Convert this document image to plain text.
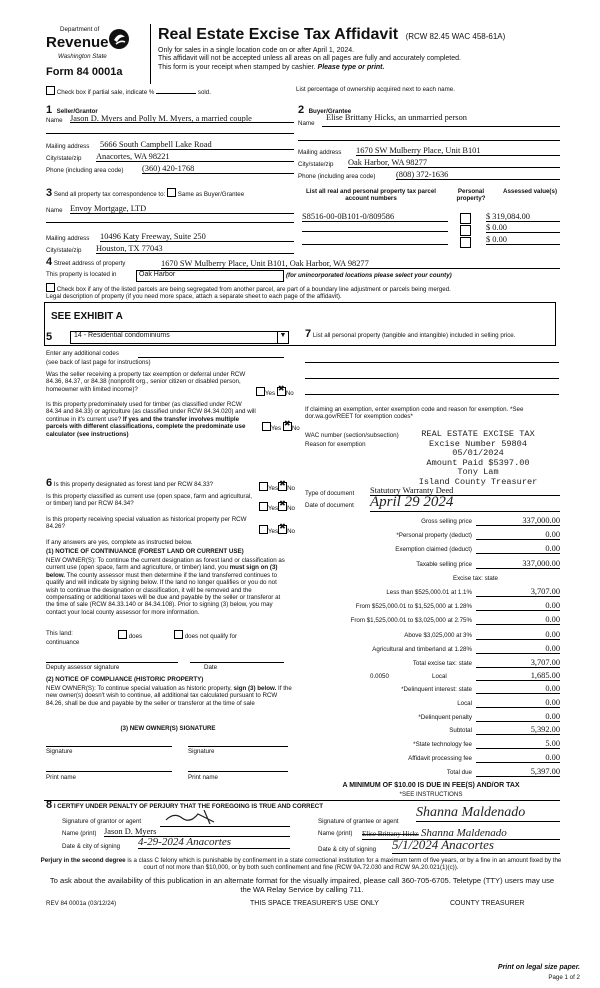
Department of
Revenue
Washington State
Form 84 0001a
Real Estate Excise Tax Affidavit (RCW 82.45 WAC 458-61A)
Only for sales in a single location code on or after April 1, 2024.
This affidavit will not be accepted unless all areas on all pages are fully and accurately completed.
This form is your receipt when stamped by cashier. Please type or print.
Check box if partial sale, indicate %	sold.	List percentage of ownership acquired next to each name.
1 Seller/Grantor
Name Jason D. Myers and Polly M. Myers, a married couple
Mailing address 5666 South Campbell Lake Road
City/state/zip Anacortes, WA 98221
Phone (including area code) (360) 420-1768
2 Buyer/Grantee
Name
Elise Brittany Hicks, an unmarried person
Mailing address 1670 SW Mulberry Place, Unit B101
City/state/zip Oak Harbor, WA 98277
Phone (including area code) (808) 372-1636
3 Send all property tax correspondence to: Same as Buyer/Grantee
Name Envoy Mortgage, LTD
Mailing address 10496 Katy Freeway, Suite 250
City/state/zip Houston, TX 77043
List all real and personal property tax parcel account numbers
Personal property?
Assessed value(s)
S8516-00-0B101-0/809586	$ 319,084.00
$ 0.00
$ 0.00
4 Street address of property	1670 SW Mulberry Place, Unit B101, Oak Harbor, WA 98277
This property is located in	Oak Harbor	(for unincorporated locations please select your county)
Check box if any of the listed parcels are being segregated from another parcel, are part of a boundary line adjustment or parcels being merged.
Legal description of property (if you need more space, attach a separate sheet to each page of the affidavit).
SEE EXHIBIT A
5	14 - Residential condominiums	▼
Enter any additional codes
(see back of last page for instructions)
Was the seller receiving a property tax exemption or deferral under RCW 84.36, 84.37, or 84.38 (nonprofit org., senior citizen or disabled person, homeowner with limited income)?
Yes ✖ No
Is this property predominately used for timber (as classified under RCW 84.34 and 84.33) or agriculture (as classified under RCW 84.34.020) and will continue in it's current use? If yes and the transfer involves multiple parcels with different classifications, complete the predominate use calculator (see instructions)
Yes ✖ No
6 Is this property designated as forest land per RCW 84.33?
Yes ✖ No
Is this property classified as current use (open space, farm and agricultural, or timber) land per RCW 84.34?
Yes ✖ No
Is this property receiving special valuation as historical property per RCW 84.26?
Yes ✖ No
If any answers are yes, complete as instructed below.
(1) NOTICE OF CONTINUANCE (FOREST LAND OR CURRENT USE)
NEW OWNER(S): To continue the current designation as forest land or classification as current use (open space, farm and agriculture, or timber) land, you must sign on (3) below. The county assessor must then determine if the land transferred continues to qualify and will indicate by signing below. If the land no longer qualifies or you do not wish to continue the designation or classification, it will be removed and the compensating or additional taxes will be due and payable by the seller or transferor at the time of sale (RCW 84.33.140 or 84.34.108). Prior to signing (3) below, you may contact your local county assessor for more information.
This land:
continuance
does	does not qualify for
Deputy assessor signature	Date
(2) NOTICE OF COMPLIANCE (HISTORIC PROPERTY)
NEW OWNER(S): To continue special valuation as historic property, sign (3) below. If the new owner(s) doesn't wish to continue, all additional tax calculated pursuant to RCW 84.26, shall be due and payable by the seller or transferor at the time of sale
(3) NEW OWNER(S) SIGNATURE
Signature	Signature
Print name	Print name
7 List all personal property (tangible and intangible) included in selling price.
If claiming an exemption, enter exemption code and reason for exemption. *See dor.wa.gov/REET for exemption codes*
WAC number (section/subsection)
Reason for exemption
REAL ESTATE EXCISE TAX
Excise Number 59804
05/01/2024
Amount Paid $5397.00
Tony Lam
Island County Treasurer
Type of document Statutory Warranty Deed
Date of document April 29 2024
Gross selling price	337,000.00
*Personal property (deduct)	0.00
Exemption claimed (deduct)	0.00
Taxable selling price	337,000.00
Excise tax: state
Less than $525,000.01 at 1.1%	3,707.00
From $525,000.01 to $1,525,000 at 1.28%	0.00
From $1,525,000.01 to $3,025,000 at 2.75%	0.00
Above $3,025,000 at 3%	0.00
Agricultural and timberland at 1.28%	0.00
Total excise tax: state	3,707.00
0.0050	Local	1,685.00
*Delinquent interest: state	0.00
Local	0.00
*Delinquent penalty	0.00
Subtotal	5,392.00
*State technology fee	5.00
Affidavit processing fee	0.00
Total due	5,397.00
A MINIMUM OF $10.00 IS DUE IN FEE(S) AND/OR TAX
*SEE INSTRUCTIONS
8 I CERTIFY UNDER PENALTY OF PERJURY THAT THE FOREGOING IS TRUE AND CORRECT
Signature of grantor or agent
Name (print) Jason D. Myers
Date & city of signing 4-29-2024 Anacortes
Signature of grantee or agent
Shanna Maldenado
Name (print) Elise Brittany Hicks Shanna Maldenado
Date & city of signing 5/1/2024 Anacortes
Perjury in the second degree is a class C felony which is punishable by confinement in a state correctional institution for a maximum term of five years, or by a fine in an amount fixed by the court of not more than $10,000, or by both such confinement and fine (RCW 9A.72.030 and RCW 9A.20.021(1)(c)).
To ask about the availability of this publication in an alternate format for the visually impaired, please call 360-705-6705. Teletype (TTY) users may use the WA Relay Service by calling 711.
REV 84 0001a (03/12/24)	THIS SPACE TREASURER'S USE ONLY	COUNTY TREASURER
Print on legal size paper.
Page 1 of 2
